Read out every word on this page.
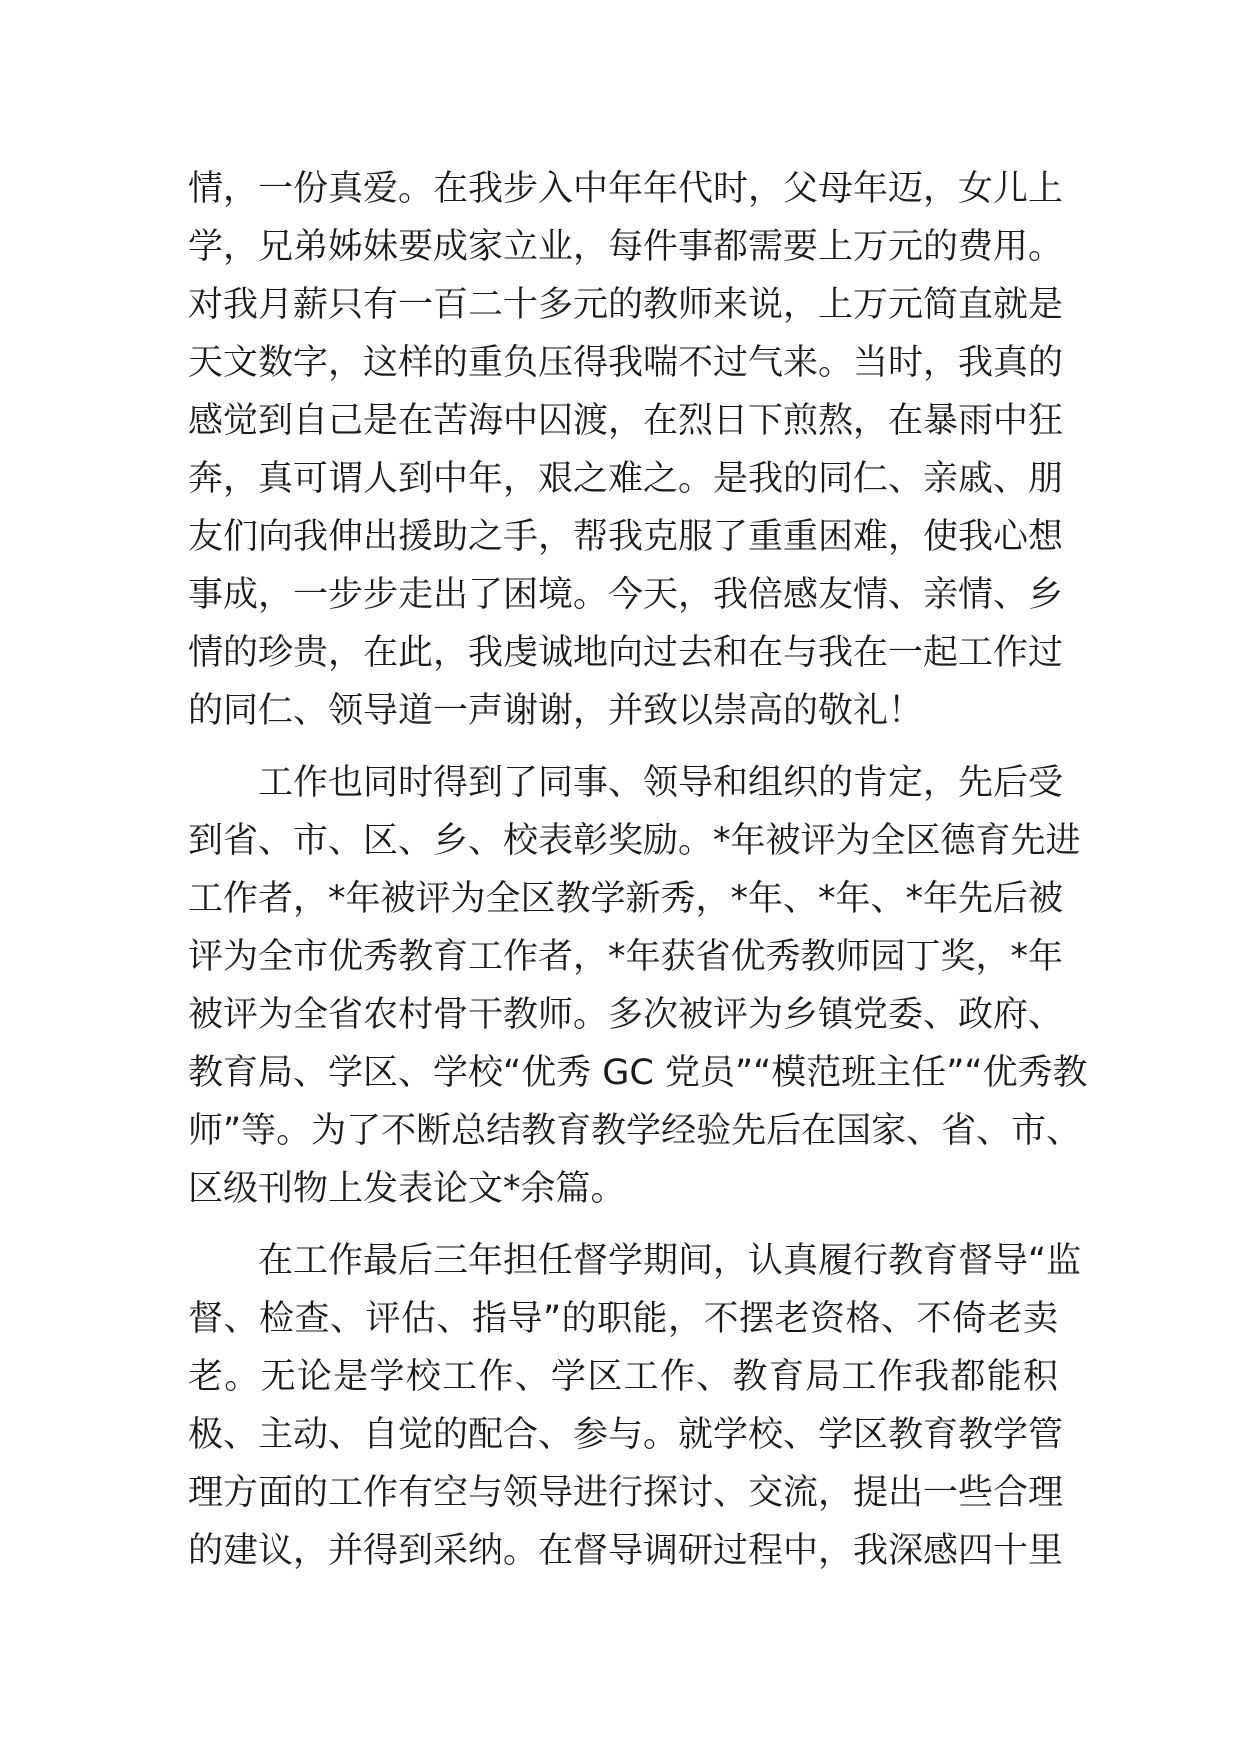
情，一份真爱。在我步入中年年代时，父母年迈，女儿上
学，兄弟姊妹要成家立业，每件事都需要上万元的费用。
对我月薪只有一百二十多元的教师来说，上万元简直就是
天文数字，这样的重负压得我喘不过气来。当时，我真的
感觉到自己是在苦海中囚渡，在烈日下煎熬，在暴雨中狂
奔，真可谓人到中年，艰之难之。是我的同仁、亲戚、朋
友们向我伸出援助之手，帮我克服了重重困难，使我心想
事成，一步步走出了困境。今天，我倍感友情、亲情、乡
情的珍贵，在此，我虔诚地向过去和在与我在一起工作过
的同仁、领导道一声谢谢，并致以崇高的敬礼！
工作也同时得到了同事、领导和组织的肯定，先后受
到省、市、区、乡、校表彰奖励。*年被评为全区德育先进
工作者，*年被评为全区教学新秀，*年、*年、*年先后被
评为全市优秀教育工作者，*年获省优秀教师园丁奖，*年
被评为全省农村骨干教师。多次被评为乡镇党委、政府、
教育局、学区、学校“优秀 GC 党员”“模范班主任”“优秀教
师”等。为了不断总结教育教学经验先后在国家、省、市、
区级刊物上发表论文*余篇。
在工作最后三年担任督学期间，认真履行教育督导“监
督、检查、评估、指导”的职能，不摆老资格、不倚老卖
老。无论是学校工作、学区工作、教育局工作我都能积
极、主动、自觉的配合、参与。就学校、学区教育教学管
理方面的工作有空与领导进行探讨、交流，提出一些合理
的建议，并得到采纳。在督导调研过程中，我深感四十里
